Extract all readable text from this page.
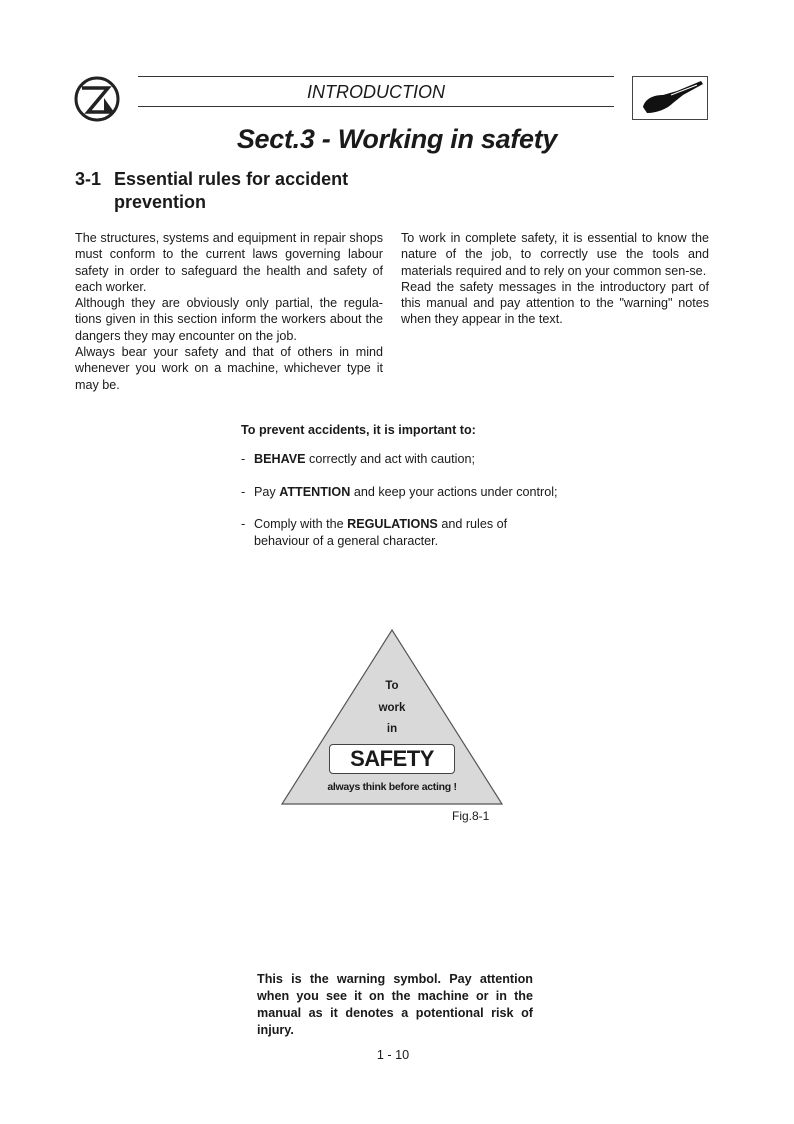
INTRODUCTION
Sect.3 - Working in safety
3-1 Essential rules for accident prevention

The structures, systems and equipment in repair shops must conform to the current laws governing labour safety in order to safeguard the health and safety of each worker.

Although they are obviously only partial, the regula-tions given in this section inform the workers about the dangers they may encounter on the job.

Always bear your safety and that of others in mind whenever you work on a machine, whichever type it may be.

To work in complete safety, it is essential to know the nature of the job, to correctly use the tools and materials required and to rely on your common sen-se.

Read the safety messages in the introductory part of this manual and pay attention to the "warning" notes when they appear in the text.

To prevent accidents, it is important to:
- BEHAVE correctly and act with caution;
- Pay ATTENTION and keep your actions under control;
- Comply with the REGULATIONS and rules of behaviour of a general character.
To
work
in
SAFETY
always think before acting !
Fig.8-1
This is the warning symbol. Pay attention when you see it on the machine or in the manual as it denotes a potentional risk of injury.
1 - 10
